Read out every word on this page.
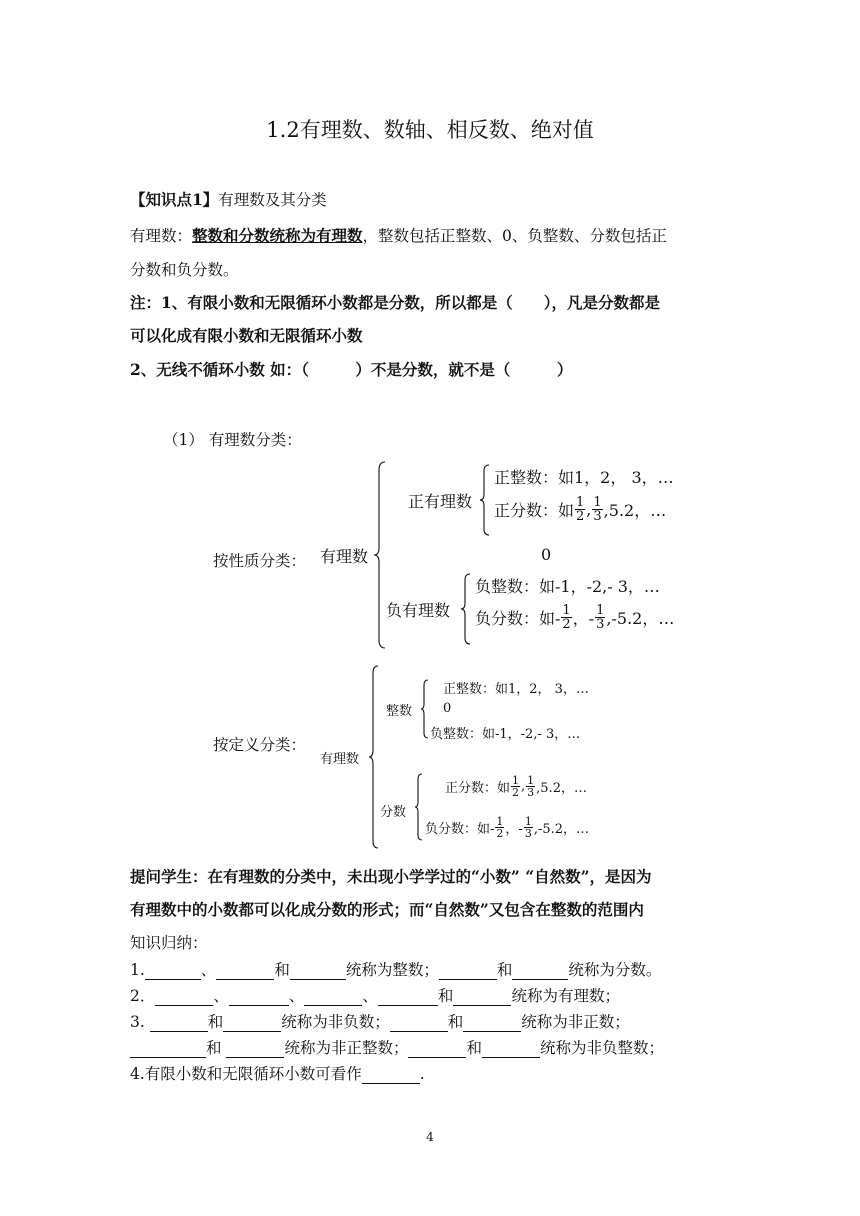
1.2有理数、数轴、相反数、绝对值
【知识点1】有理数及其分类
有理数：整数和分数统称为有理数，整数包括正整数、0、负整数、分数包括正
分数和负分数。
注：1、有限小数和无限循环小数都是分数，所以都是（　　），凡是分数都是
可以化成有限小数和无限循环小数
2、无线不循环小数 如：（　　　）不是分数，就不是（　　　）
（1） 有理数分类：
按性质分类： 有理数
正有理数
正整数：如1，2， 3，…
正分数：如 $\frac{1}{2}$ , $\frac{1}{3} ,5.2$，…
0
负有理数
负整数：如-1，-2,- 3，…
负分数：如- $\frac{1}{2}$ ，- $\frac{1}{3} ,-5.2$，…
按定义分类：
有理数
整数
正整数：如1，2， 3，…
0
负整数：如-1，-2,- 3，…
分数
正分数：如 $\frac{1}{2}$ , $\frac{1}{3} ,5.2$，…
负分数：如- $\frac{1}{2}$ ，- $\frac{1}{3} ,-5.2$，…
提问学生：在有理数的分类中，未出现小学学过的“小数” “自然数”，是因为
有理数中的小数都可以化成分数的形式；而“自然数”又包含在整数的范围内
知识归纳：
1.	、	和	统称为整数；	和	统称为分数。
2．	、	、	、	和	统称为有理数；
3.	和	统称为非负数；	和	统称为非正数；
和	统称为非正整数；	和	统称为非负整数；
4.有限小数和无限循环小数可看作	.
4
